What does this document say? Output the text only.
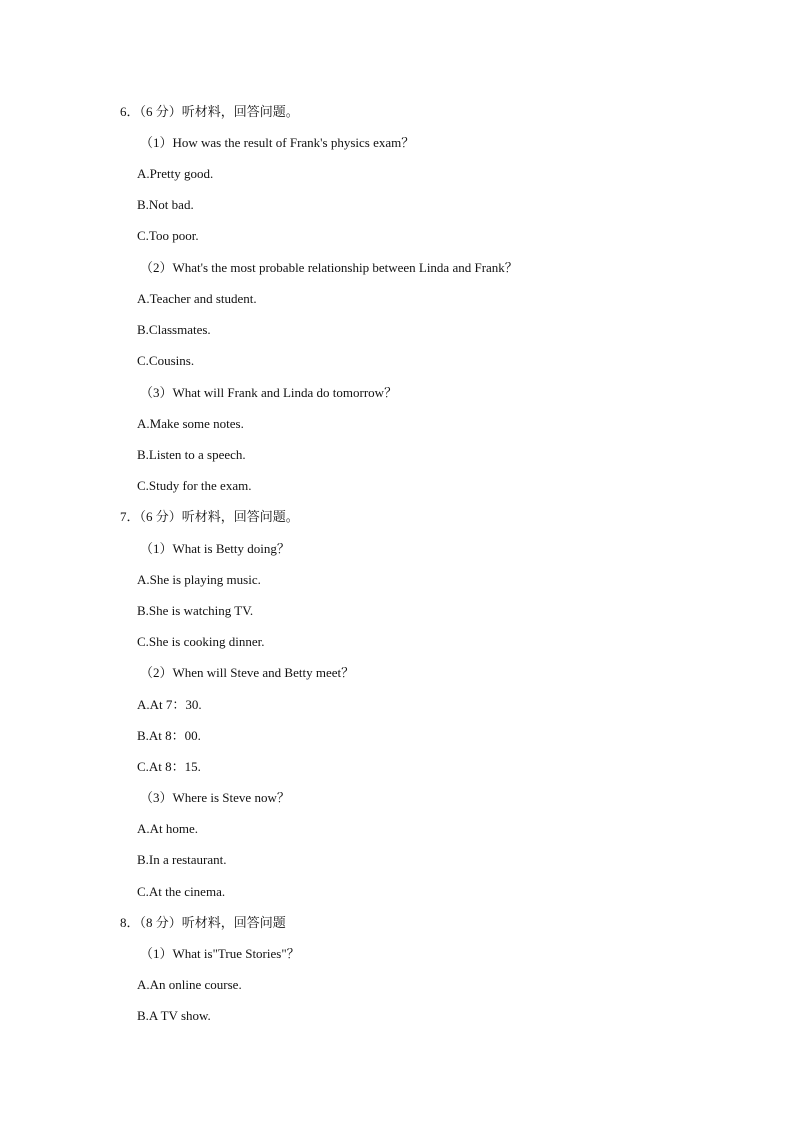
6．（6 分）听材料，回答问题。
（1）How was the result of Frank's physics exam？
A.Pretty good.
B.Not bad.
C.Too poor.
（2）What's the most probable relationship between Linda and Frank？
A.Teacher and student.
B.Classmates.
C.Cousins.
（3）What will Frank and Linda do tomorrow？
A.Make some notes.
B.Listen to a speech.
C.Study for the exam.
7．（6 分）听材料，回答问题。
（1）What is Betty doing？
A.She is playing music.
B.She is watching TV.
C.She is cooking dinner.
（2）When will Steve and Betty meet？
A.At 7：30.
B.At 8：00.
C.At 8：15.
（3）Where is Steve now？
A.At home.
B.In a restaurant.
C.At the cinema.
8．（8 分）听材料，回答问题
（1）What is"True Stories"？
A.An online course.
B.A TV show.
